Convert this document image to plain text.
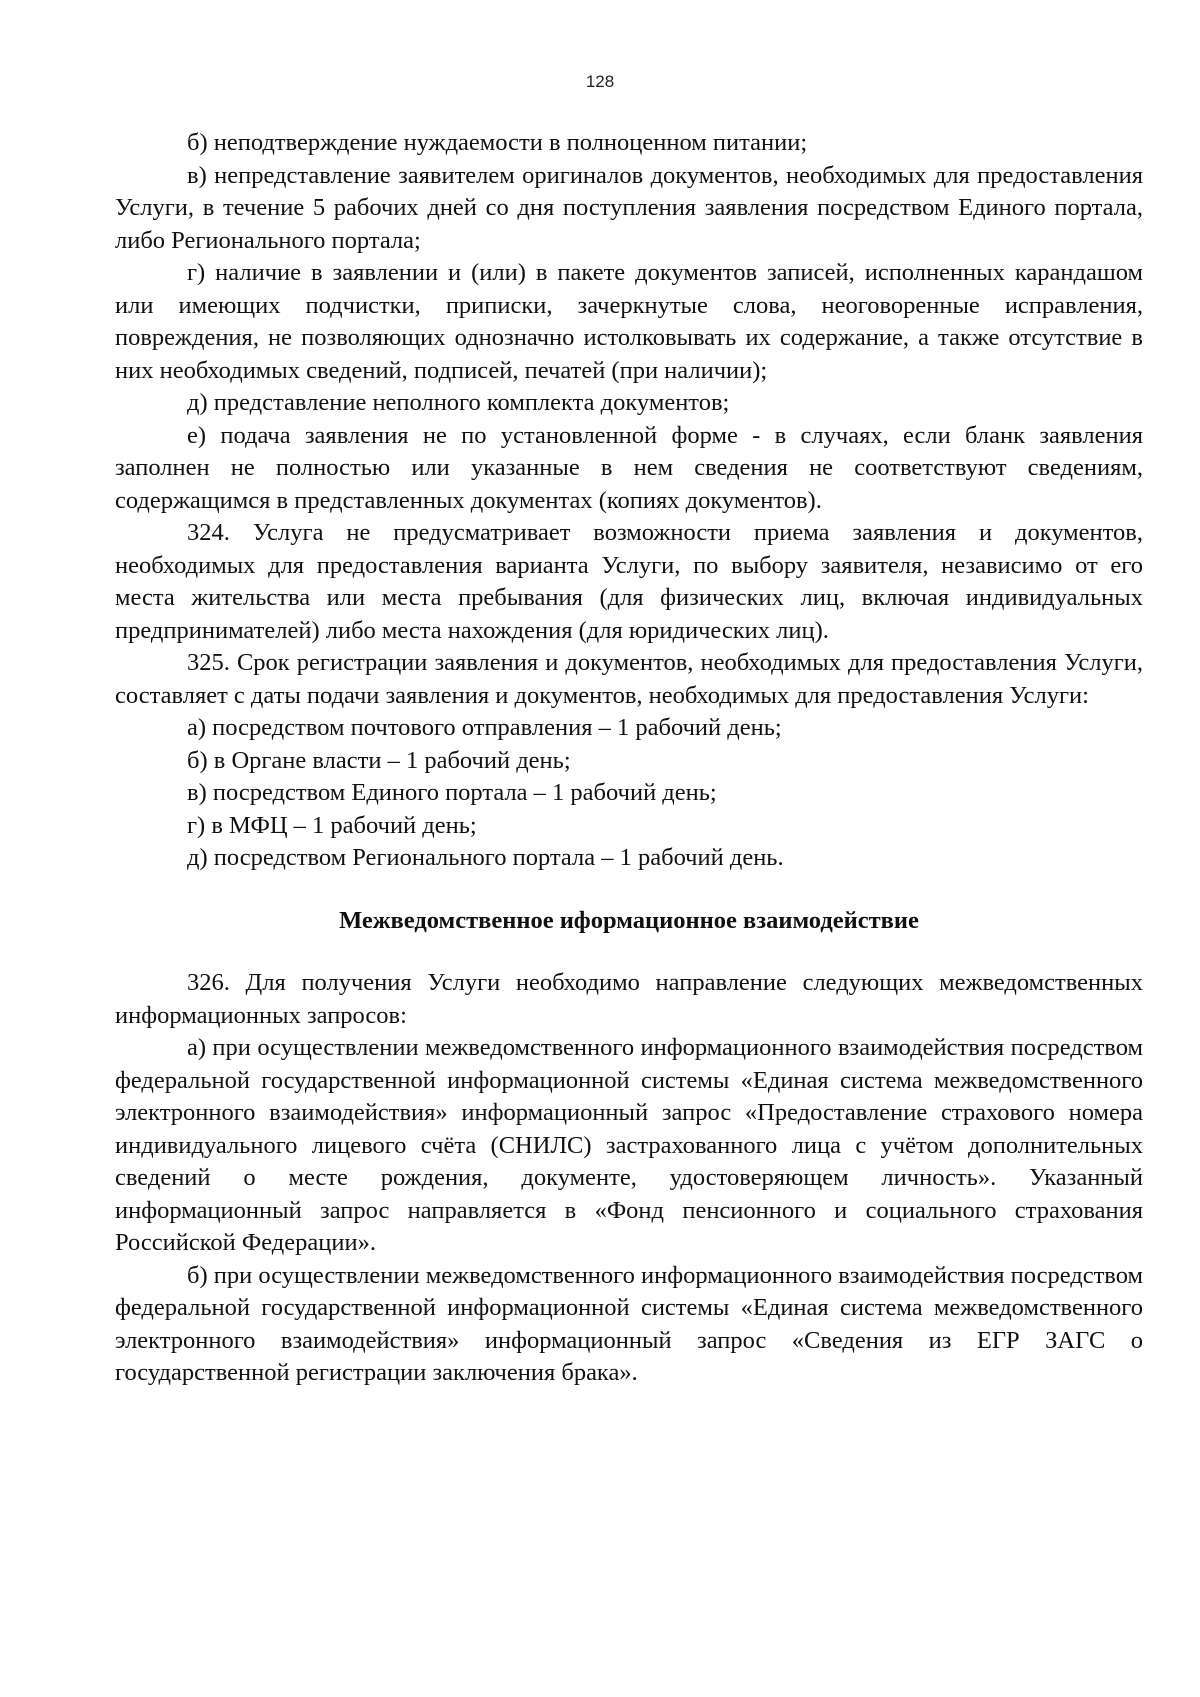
128

б) неподтверждение нуждаемости в полноценном питании;

в) непредставление заявителем оригиналов документов, необходимых для предоставления Услуги, в течение 5 рабочих дней со дня поступления заявления посредством Единого портала, либо Регионального портала;

г) наличие в заявлении и (или) в пакете документов записей, исполненных карандашом или имеющих подчистки, приписки, зачеркнутые слова, неоговоренные исправления, повреждения, не позволяющих однозначно истолковывать их содержание, а также отсутствие в них необходимых сведений, подписей, печатей (при наличии);

д) представление неполного комплекта документов;

е) подача заявления не по установленной форме - в случаях, если бланк заявления заполнен не полностью или указанные в нем сведения не соответствуют сведениям, содержащимся в представленных документах (копиях документов).

324. Услуга не предусматривает возможности приема заявления и документов, необходимых для предоставления варианта Услуги, по выбору заявителя, независимо от его места жительства или места пребывания (для физических лиц, включая индивидуальных предпринимателей) либо места нахождения (для юридических лиц).

325. Срок регистрации заявления и документов, необходимых для предоставления Услуги, составляет с даты подачи заявления и документов, необходимых для предоставления Услуги:

а) посредством почтового отправления – 1 рабочий день;

б) в Органе власти – 1 рабочий день;

в) посредством Единого портала – 1 рабочий день;

г) в МФЦ – 1 рабочий день;

д) посредством Регионального портала – 1 рабочий день.

Межведомственное иформационное взаимодействие

326. Для получения Услуги необходимо направление следующих межведомственных информационных запросов:

а) при осуществлении межведомственного информационного взаимодействия посредством федеральной государственной информационной системы «Единая система межведомственного электронного взаимодействия» информационный запрос «Предоставление страхового номера индивидуального лицевого счёта (СНИЛС) застрахованного лица с учётом дополнительных сведений о месте рождения, документе, удостоверяющем личность». Указанный информационный запрос направляется в «Фонд пенсионного и социального страхования Российской Федерации».

б) при осуществлении межведомственного информационного взаимодействия посредством федеральной государственной информационной системы «Единая система межведомственного электронного взаимодействия» информационный запрос «Сведения из ЕГР ЗАГС о государственной регистрации заключения брака».
